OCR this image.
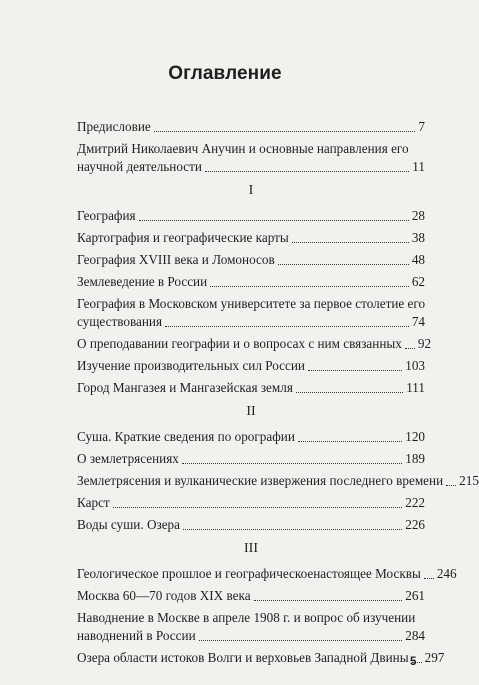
Оглавление
Предисловие	7
Дмитрий Николаевич Анучин и основные направления его
научной деятельности	11
I
География	28
Картография и географические карты	38
География XVIII века и Ломоносов	48
Землеведение в России	62
География в Московском университете за первое столетие его
существования	74
О преподавании географии и о вопросах с ним связанных 92
Изучение производительных сил России	103
Город Мангазея и Мангазейская земля	111
II
Суша. Краткие сведения по орографии	120
О землетрясениях	189
Землетрясения и вулканические извержения последнего времени 215
Карст	222
Воды суши. Озера	226
III
Геологическое прошлое и географическоенастоящее Москвы 246
Москва 60—70 годов XIX века	261
Наводнение в Москве в апреле 1908 г. и вопрос об изучении
наводнений в России	284
Озера области истоков Волги и верховьев Западной Двины 297
5
